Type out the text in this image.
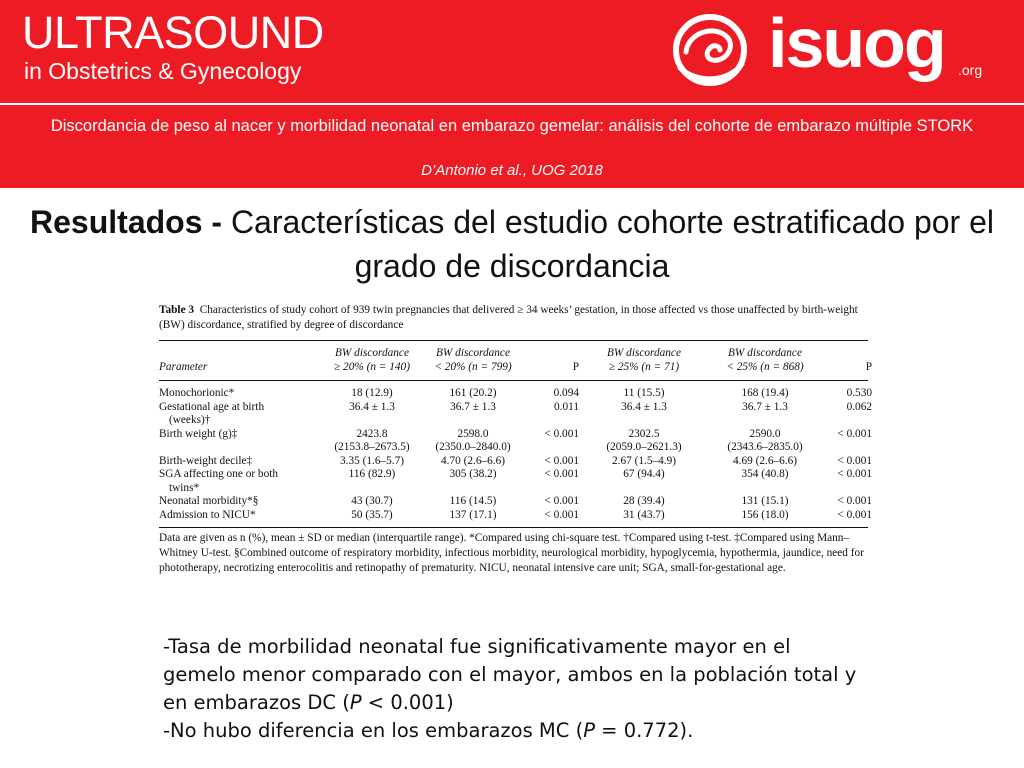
ULTRASOUND
in Obstetrics & Gynecology	isuog .org
Discordancia de peso al nacer y morbilidad neonatal en embarazo gemelar: análisis del cohorte de embarazo múltiple STORK
D’Antonio et al., UOG 2018
Resultados - Características del estudio cohorte estratificado por el grado de discordancia
Table 3 Characteristics of study cohort of 939 twin pregnancies that delivered ≥ 34 weeks’ gestation, in those affected vs those unaffected by birth-weight (BW) discordance, stratified by degree of discordance
	BW discordance	BW discordance		BW discordance	BW discordance	
Parameter	≥ 20% (n = 140)	< 20% (n = 799)	P	≥ 25% (n = 71)	< 25% (n = 868)	P
Monochorionic*	18 (12.9)	161 (20.2)	0.094	11 (15.5)	168 (19.4)	0.530
Gestational age at birth	36.4 ± 1.3	36.7 ± 1.3	0.011	36.4 ± 1.3	36.7 ± 1.3	0.062
(weeks)†						
Birth weight (g)‡	2423.8	2598.0	< 0.001	2302.5	2590.0	< 0.001
	(2153.8–2673.5)	(2350.0–2840.0)		(2059.0–2621.3)	(2343.6–2835.0)	
Birth-weight decile‡	3.35 (1.6–5.7)	4.70 (2.6–6.6)	< 0.001	2.67 (1.5–4.9)	4.69 (2.6–6.6)	< 0.001
SGA affecting one or both	116 (82.9)	305 (38.2)	< 0.001	67 (94.4)	354 (40.8)	< 0.001
twins*						
Neonatal morbidity*§	43 (30.7)	116 (14.5)	< 0.001	28 (39.4)	131 (15.1)	< 0.001
Admission to NICU*	50 (35.7)	137 (17.1)	< 0.001	31 (43.7)	156 (18.0)	< 0.001
Data are given as n (%), mean ± SD or median (interquartile range). *Compared using chi-square test. †Compared using t-test. ‡Compared using Mann–Whitney U-test. §Combined outcome of respiratory morbidity, infectious morbidity, neurological morbidity, hypoglycemia, hypothermia, jaundice, need for phototherapy, necrotizing enterocolitis and retinopathy of prematurity. NICU, neonatal intensive care unit; SGA, small-for-gestational age.
-Tasa de morbilidad neonatal fue significativamente mayor en el gemelo menor comparado con el mayor, ambos en la población total y en embarazos DC (P < 0.001)
-No hubo diferencia en los embarazos MC (P = 0.772).
